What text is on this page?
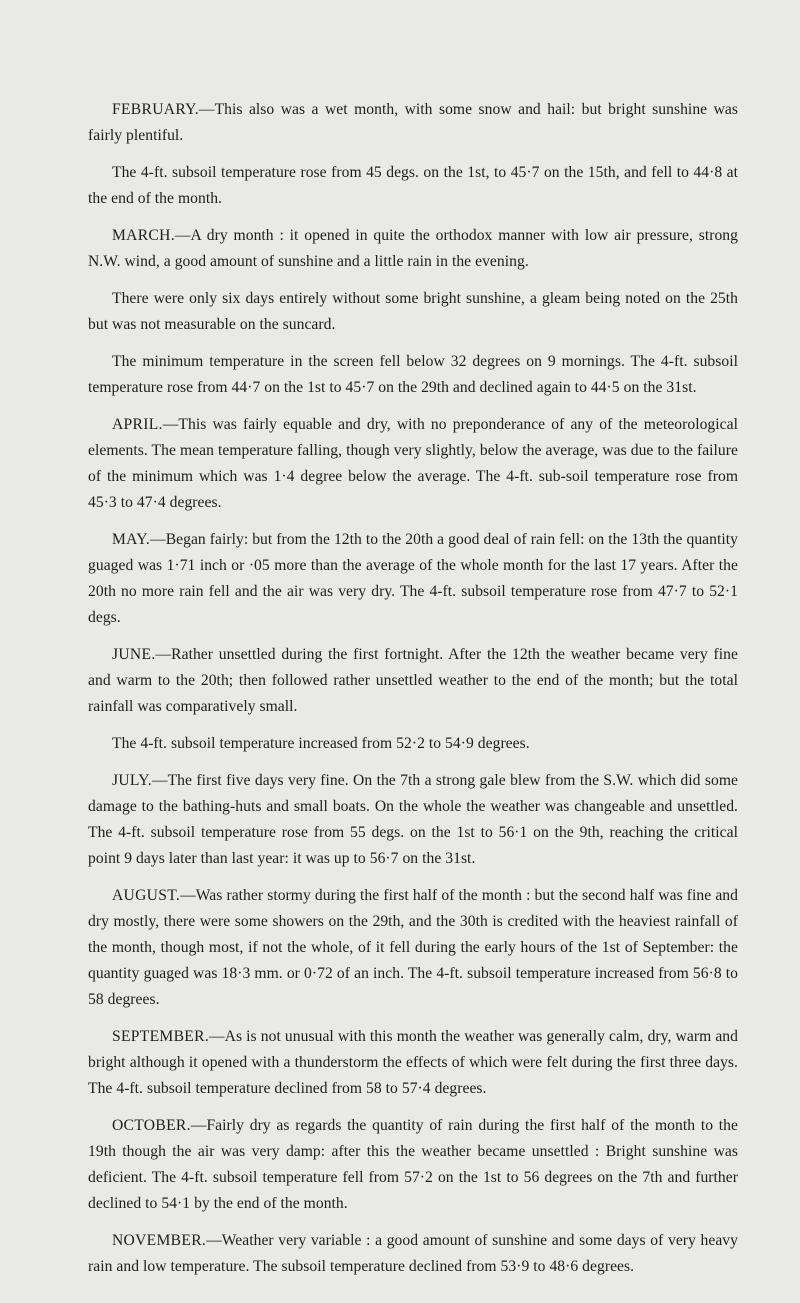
FEBRUARY.—This also was a wet month, with some snow and hail: but bright sunshine was fairly plentiful.

The 4-ft. subsoil temperature rose from 45 degs. on the 1st, to 45·7 on the 15th, and fell to 44·8 at the end of the month.

MARCH.—A dry month : it opened in quite the orthodox manner with low air pressure, strong N.W. wind, a good amount of sunshine and a little rain in the evening.

There were only six days entirely without some bright sunshine, a gleam being noted on the 25th but was not measurable on the suncard.

The minimum temperature in the screen fell below 32 degrees on 9 mornings. The 4-ft. subsoil temperature rose from 44·7 on the 1st to 45·7 on the 29th and declined again to 44·5 on the 31st.

APRIL.—This was fairly equable and dry, with no preponderance of any of the meteorological elements. The mean temperature falling, though very slightly, below the average, was due to the failure of the minimum which was 1·4 degree below the average. The 4-ft. sub-soil temperature rose from 45·3 to 47·4 degrees.

MAY.—Began fairly: but from the 12th to the 20th a good deal of rain fell: on the 13th the quantity guaged was 1·71 inch or ·05 more than the average of the whole month for the last 17 years. After the 20th no more rain fell and the air was very dry. The 4-ft. subsoil temperature rose from 47·7 to 52·1 degs.

JUNE.—Rather unsettled during the first fortnight. After the 12th the weather became very fine and warm to the 20th; then followed rather unsettled weather to the end of the month; but the total rainfall was comparatively small.

The 4-ft. subsoil temperature increased from 52·2 to 54·9 degrees.

JULY.—The first five days very fine. On the 7th a strong gale blew from the S.W. which did some damage to the bathing-huts and small boats. On the whole the weather was changeable and unsettled. The 4-ft. subsoil temperature rose from 55 degs. on the 1st to 56·1 on the 9th, reaching the critical point 9 days later than last year: it was up to 56·7 on the 31st.

AUGUST.—Was rather stormy during the first half of the month : but the second half was fine and dry mostly, there were some showers on the 29th, and the 30th is credited with the heaviest rainfall of the month, though most, if not the whole, of it fell during the early hours of the 1st of September: the quantity guaged was 18·3 mm. or 0·72 of an inch. The 4-ft. subsoil temperature increased from 56·8 to 58 degrees.

SEPTEMBER.—As is not unusual with this month the weather was generally calm, dry, warm and bright although it opened with a thunderstorm the effects of which were felt during the first three days. The 4-ft. subsoil temperature declined from 58 to 57·4 degrees.

OCTOBER.—Fairly dry as regards the quantity of rain during the first half of the month to the 19th though the air was very damp: after this the weather became unsettled : Bright sunshine was deficient. The 4-ft. subsoil temperature fell from 57·2 on the 1st to 56 degrees on the 7th and further declined to 54·1 by the end of the month.

NOVEMBER.—Weather very variable : a good amount of sunshine and some days of very heavy rain and low temperature. The subsoil temperature declined from 53·9 to 48·6 degrees.
